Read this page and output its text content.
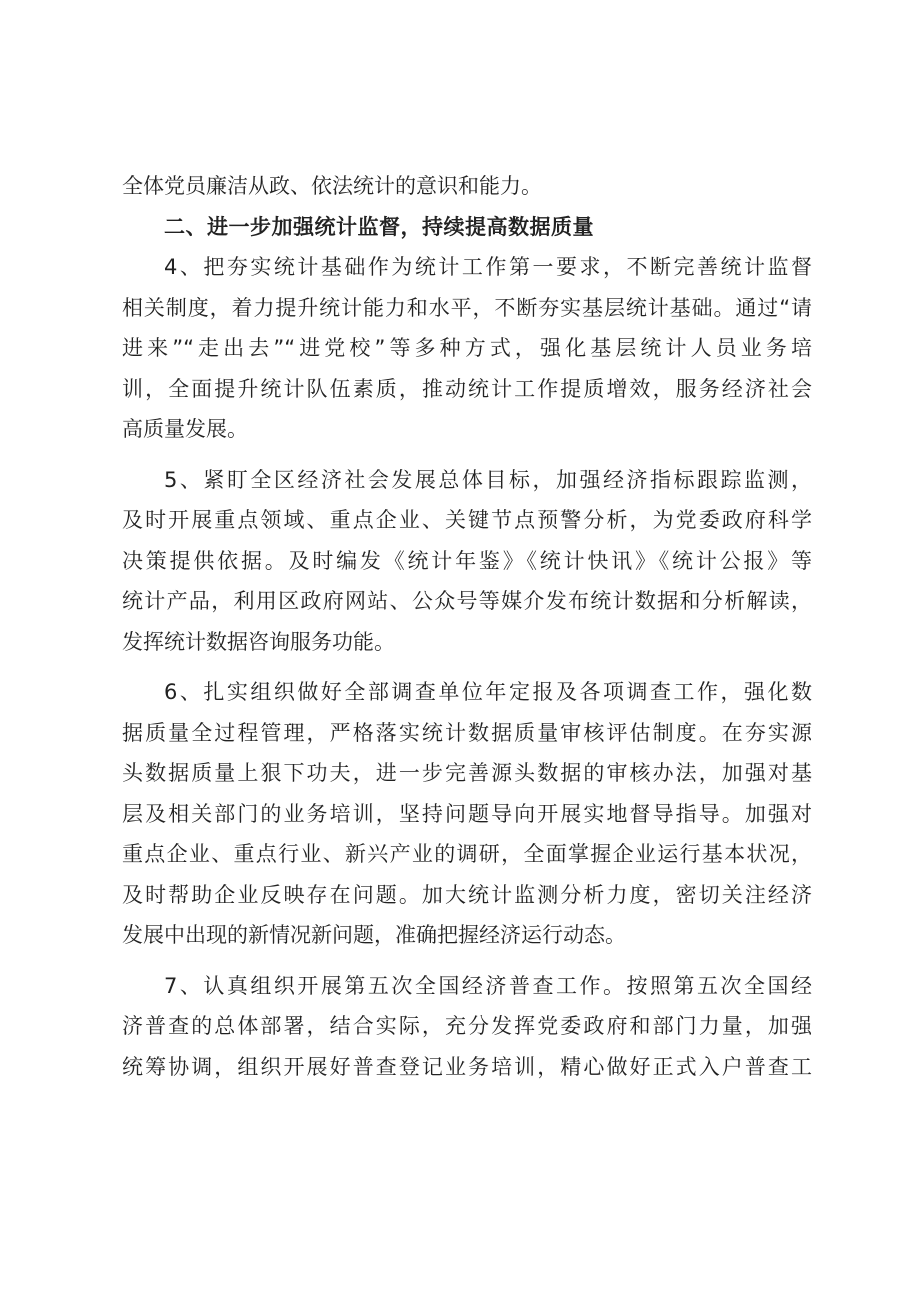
全体党员廉洁从政、依法统计的意识和能力。
二、进一步加强统计监督，持续提高数据质量
4、把夯实统计基础作为统计工作第一要求，不断完善统计监督
相关制度，着力提升统计能力和水平，不断夯实基层统计基础。通过“请
进来”“走出去”“进党校”等多种方式，强化基层统计人员业务培
训，全面提升统计队伍素质，推动统计工作提质增效，服务经济社会
高质量发展。
5、紧盯全区经济社会发展总体目标，加强经济指标跟踪监测，
及时开展重点领域、重点企业、关键节点预警分析，为党委政府科学
决策提供依据。及时编发《统计年鉴》《统计快讯》《统计公报》等
统计产品，利用区政府网站、公众号等媒介发布统计数据和分析解读，
发挥统计数据咨询服务功能。
6、扎实组织做好全部调查单位年定报及各项调查工作，强化数
据质量全过程管理，严格落实统计数据质量审核评估制度。在夯实源
头数据质量上狠下功夫，进一步完善源头数据的审核办法，加强对基
层及相关部门的业务培训，坚持问题导向开展实地督导指导。加强对
重点企业、重点行业、新兴产业的调研，全面掌握企业运行基本状况，
及时帮助企业反映存在问题。加大统计监测分析力度，密切关注经济
发展中出现的新情况新问题，准确把握经济运行动态。
7、认真组织开展第五次全国经济普查工作。按照第五次全国经
济普查的总体部署，结合实际，充分发挥党委政府和部门力量，加强
统筹协调，组织开展好普查登记业务培训，精心做好正式入户普查工
